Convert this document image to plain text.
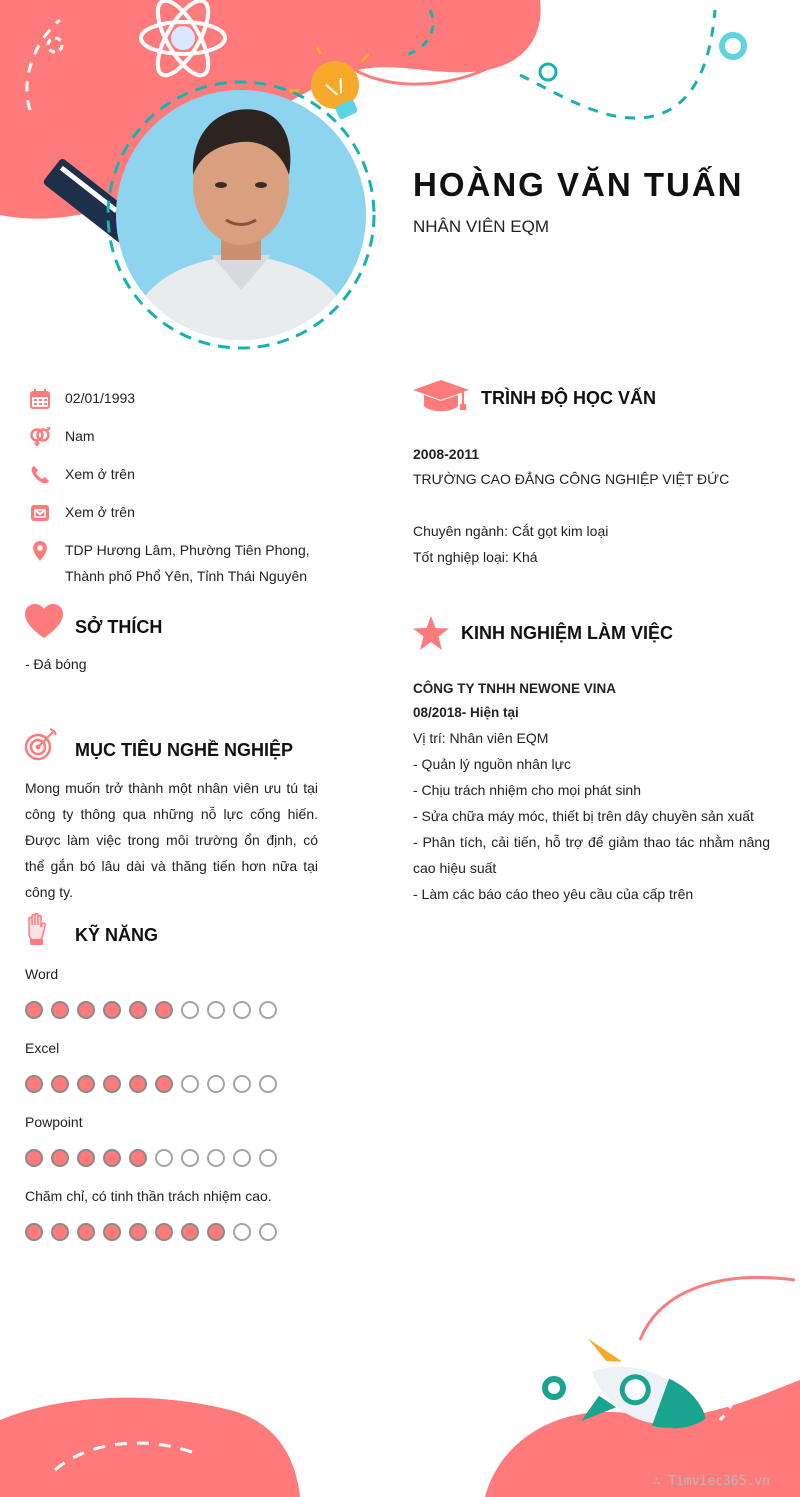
HOÀNG VĂN TUẤN
NHÂN VIÊN EQM
02/01/1993
Nam
Xem ở trên
Xem ở trên
TDP Hương Lâm, Phường Tiên Phong, Thành phố Phổ Yên, Tỉnh Thái Nguyên
SỞ THÍCH
- Đá bóng
MỤC TIÊU NGHỀ NGHIỆP
Mong muốn trở thành một nhân viên ưu tú tại công ty thông qua những nỗ lực cống hiến. Được làm việc trong môi trường ổn định, có thể gắn bó lâu dài và thăng tiến hơn nữa tại công ty.
KỸ NĂNG
Word
Excel
Powpoint
Chăm chỉ, có tinh thần trách nhiệm cao.
TRÌNH ĐỘ HỌC VẤN
2008-2011
TRƯỜNG CAO ĐẲNG CÔNG NGHIỆP VIỆT ĐỨC
Chuyên ngành: Cắt gọt kim loại
Tốt nghiệp loại: Khá
KINH NGHIỆM LÀM VIỆC
CÔNG TY TNHH NEWONE VINA
08/2018- Hiện tại
Vị trí: Nhân viên EQM
- Quản lý nguồn nhân lực
- Chịu trách nhiệm cho mọi phát sinh
- Sửa chữa máy móc, thiết bị trên dây chuyền sản xuất
- Phân tích, cải tiến, hỗ trợ để giảm thao tác nhằm nâng cao hiệu suất
- Làm các báo cáo theo yêu cầu của cấp trên
∴ Timviec365.vn
